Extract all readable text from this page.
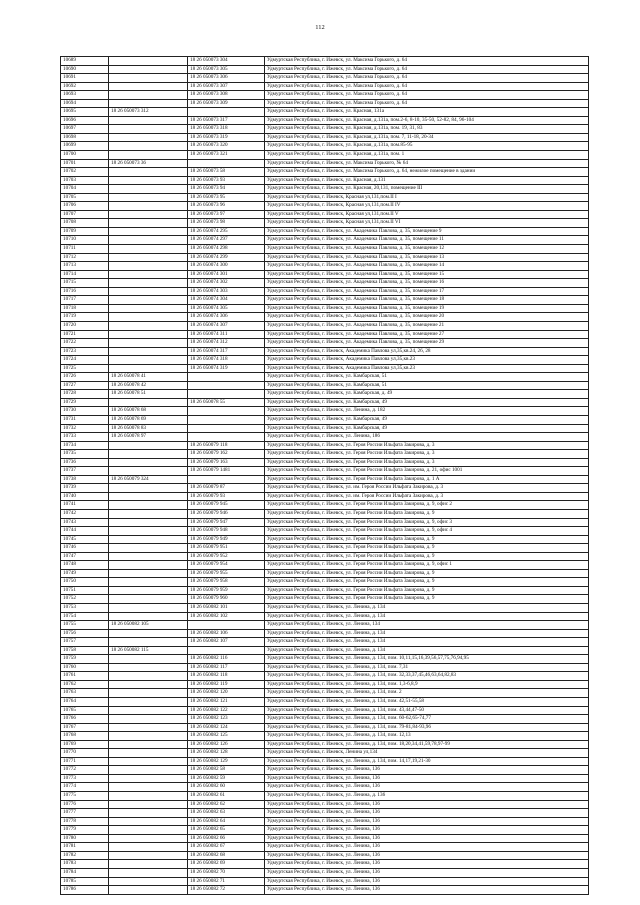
112
10689		18 26 050073 304	Удмуртская Республика, г. Ижевск, ул. Максима Горького, д. 64
10690		18 26 050073 305	Удмуртская Республика, г. Ижевск, ул. Максима Горького, д. 64
10691		18 26 050073 306	Удмуртская Республика, г. Ижевск, ул. Максима Горького, д. 64
10692		18 26 050073 307	Удмуртская Республика, г. Ижевск, ул. Максима Горького, д. 64
10693		18 26 050073 308	Удмуртская Республика, г. Ижевск, ул. Максима Горького, д. 64
10694		18 26 050073 309	Удмуртская Республика, г. Ижевск, ул. Максима Горького, д. 64
10695	18 26 050073 312		Удмуртская Республика, г. Ижевск, ул. Красная, 131а
10696		18 26 050073 317	Удмуртская Республика, г. Ижевск, ул. Красная, д.131а, пом.2-6, 8-10, 35-50, 52-82, 84, 96-104
10697		18 26 050073 318	Удмуртская Республика, г. Ижевск, ул. Красная, д.131а, пом. 19, 31, 83
10698		18 26 050073 319	Удмуртская Республика, г. Ижевск, ул. Красная, д.131а, пом. 7, 11-18, 20-34
10699		18 26 050073 320	Удмуртская Республика, г. Ижевск, ул. Красная, д.131а, пом.85-95
10700		18 26 050073 321	Удмуртская Республика, г. Ижевск, ул. Красная, д.131а, пом. 1
10701	18 26 050073 36		Удмуртская Республика, г. Ижевск, ул. Максима Горького, № 64
10702		18 26 050073 58	Удмуртская Республика, г. Ижевск, ул. Максима Горького, д. 64, нежилое помещение в здании
10703		18 26 050073 93	Удмуртская Республика, г. Ижевск, ул. Красная, д.131
10704		18 26 050073 94	Удмуртская Республика, г. Ижевск, ул. Красная, 20,131, помещение III
10705		18 26 050073 95	Удмуртская Республика, г. Ижевск, Красная ул,131,пом.II I
10706		18 26 050073 96	Удмуртская Республика, г. Ижевск, Красная ул,131,пом.II IV
10707		18 26 050073 97	Удмуртская Республика, г. Ижевск, Красная ул,131,пом.II V
10708		18 26 050073 98	Удмуртская Республика, г. Ижевск, Красная ул,131,пом.II VI
10709		18 26 050074 295	Удмуртская Республика, г. Ижевск, ул. Академика Павлова, д. 35, помещение 9
10710		18 26 050074 297	Удмуртская Республика, г. Ижевск, ул. Академика Павлова, д. 35, помещение 11
10711		18 26 050074 298	Удмуртская Республика, г. Ижевск, ул. Академика Павлова, д. 35, помещение 12
10712		18 26 050074 299	Удмуртская Республика, г. Ижевск, ул. Академика Павлова, д. 35, помещение 13
10713		18 26 050074 300	Удмуртская Республика, г. Ижевск, ул. Академика Павлова, д. 35, помещение 14
10714		18 26 050074 301	Удмуртская Республика, г. Ижевск, ул. Академика Павлова, д. 35, помещение 15
10715		18 26 050074 302	Удмуртская Республика, г. Ижевск, ул. Академика Павлова, д. 35, помещение 16
10716		18 26 050074 303	Удмуртская Республика, г. Ижевск, ул. Академика Павлова, д. 35, помещение 17
10717		18 26 050074 304	Удмуртская Республика, г. Ижевск, ул. Академика Павлова, д. 35, помещение 18
10718		18 26 050074 305	Удмуртская Республика, г. Ижевск, ул. Академика Павлова, д. 35, помещение 19
10719		18 26 050074 306	Удмуртская Республика, г. Ижевск, ул. Академика Павлова, д. 35, помещение 20
10720		18 26 050074 307	Удмуртская Республика, г. Ижевск, ул. Академика Павлова, д. 35, помещение 21
10721		18 26 050074 311	Удмуртская Республика, г. Ижевск, ул. Академика Павлова, д. 35, помещение 27
10722		18 26 050074 312	Удмуртская Республика, г. Ижевск, ул. Академика Павлова, д. 35, помещение 29
10723		18 26 050074 317	Удмуртская Республика, г. Ижевск, Академика Павлова ул,35,кв.24, 26, 28
10724		18 26 050074 318	Удмуртская Республика, г. Ижевск, Академика Павлова ул,35,кв.23
10725		18 26 050074 319	Удмуртская Республика, г. Ижевск, Академика Павлова ул,35,кв.23
10726	18 26 050078 41		Удмуртская Республика, г. Ижевск, ул. Камбарская, 51
10727	18 26 050078 42		Удмуртская Республика, г. Ижевск, ул. Камбарская, 51
10728	18 26 050078 51		Удмуртская Республика, г. Ижевск, ул. Камбарская, д. 49
10729		18 26 050078 55	Удмуртская Республика, г. Ижевск, ул. Камбарская, 49
10730	18 26 050078 68		Удмуртская Республика, г. Ижевск, ул. Ленина, д. 182
10731	18 26 050078 69		Удмуртская Республика, г. Ижевск, ул. Камбарская, 49
10732	18 26 050078 83		Удмуртская Республика, г. Ижевск, ул. Камбарская, 49
10733	18 26 050078 97		Удмуртская Республика, г. Ижевск, ул. Ленина, 186
10734		18 26 050079 118	Удмуртская Республика, г. Ижевск, ул. Героя России Ильфата Закирова, д. 3
10735		18 26 050079 162	Удмуртская Республика, г. Ижевск, ул. Героя России Ильфата Закирова, д. 3
10736		18 26 050079 163	Удмуртская Республика, г. Ижевск, ул. Героя России Ильфата Закирова, д. 3
10737		18 26 050079 1481	Удмуртская Республика, г. Ижевск, ул. Героя России Ильфата Закирова, д. 21, офис 1001
10738	18 26 050079 324		Удмуртская Республика, г. Ижевск, ул. Героя России Ильфата Закирова, д. 1 А
10739		18 26 050079 87	Удмуртская Республика, г. Ижевск, ул. им. Героя России Ильфата Закирова, д. 3
10740		18 26 050079 93	Удмуртская Республика, г. Ижевск, ул. им. Героя России Ильфата Закирова, д. 3
10741		18 26 050079 945	Удмуртская Республика, г. Ижевск, ул. Героя России Ильфата Закирова, д. 9, офис 2
10742		18 26 050079 946	Удмуртская Республика, г. Ижевск, ул. Героя России Ильфата Закирова, д. 9
10743		18 26 050079 947	Удмуртская Республика, г. Ижевск, ул. Героя России Ильфата Закирова, д. 9, офис 3
10744		18 26 050079 948	Удмуртская Республика, г. Ижевск, ул. Героя России Ильфата Закирова, д. 9, офис 4
10745		18 26 050079 949	Удмуртская Республика, г. Ижевск, ул. Героя России Ильфата Закирова, д. 9
10746		18 26 050079 951	Удмуртская Республика, г. Ижевск, ул. Героя России Ильфата Закирова, д. 9
10747		18 26 050079 952	Удмуртская Республика, г. Ижевск, ул. Героя России Ильфата Закирова, д. 9
10748		18 26 050079 954	Удмуртская Республика, г. Ижевск, ул. Героя России Ильфата Закирова, д. 9, офис 1
10749		18 26 050079 955	Удмуртская Республика, г. Ижевск, ул. Героя России Ильфата Закирова, д. 9
10750		18 26 050079 958	Удмуртская Республика, г. Ижевск, ул. Героя России Ильфата Закирова, д. 9
10751		18 26 050079 959	Удмуртская Республика, г. Ижевск, ул. Героя России Ильфата Закирова, д. 9
10752		18 26 050079 960	Удмуртская Республика, г. Ижевск, ул. Героя России Ильфата Закирова, д. 9
10753		18 26 050082 101	Удмуртская Республика, г. Ижевск, ул. Ленина, д. 134
10754		18 26 050082 102	Удмуртская Республика, г. Ижевск, ул. Ленина, д. 134
10755	18 26 050082 105		Удмуртская Республика, г. Ижевск, ул. Ленина, 134
10756		18 26 050082 106	Удмуртская Республика, г. Ижевск, ул. Ленина, д. 134
10757		18 26 050082 107	Удмуртская Республика, г. Ижевск, ул. Ленина, д. 134
10758	18 26 050082 115		Удмуртская Республика, г. Ижевск, ул. Ленина, д. 134
10759		18 26 050082 116	Удмуртская Республика, г. Ижевск, ул. Ленина, д. 134, пом. 10,11,15,16,39,56,57,75,76,94,95
10760		18 26 050082 117	Удмуртская Республика, г. Ижевск, ул. Ленина, д. 134, пом. 7,31
10761		18 26 050082 118	Удмуртская Республика, г. Ижевск, ул. Ленина, д. 134, пом. 32,33,37,45,46,63,64,82,83
10762		18 26 050082 119	Удмуртская Республика, г. Ижевск, ул. Ленина, д. 134, пом. 1,3-6,8,9
10763		18 26 050082 120	Удмуртская Республика, г. Ижевск, ул. Ленина, д. 134, пом. 2
10764		18 26 050082 121	Удмуртская Республика, г. Ижевск, ул. Ленина, д. 134, пом. 42,51-55,58
10765		18 26 050082 122	Удмуртская Республика, г. Ижевск, ул. Ленина, д. 134, пом. 43,44,47-50
10766		18 26 050082 123	Удмуртская Республика, г. Ижевск, ул. Ленина, д. 134, пом. 60-62,65-74,77
10767		18 26 050082 124	Удмуртская Республика, г. Ижевск, ул. Ленина, д. 134, пом. 79-81,84-93,96
10768		18 26 050082 125	Удмуртская Республика, г. Ижевск, ул. Ленина, д. 134, пом. 12,13
10769		18 26 050082 126	Удмуртская Республика, г. Ижевск, ул. Ленина, д. 134, пом. 18,20,34,41,59,78,97-99
10770		18 26 050082 128	Удмуртская Республика, г. Ижевск, Ленина ул,134
10771		18 26 050082 129	Удмуртская Республика, г. Ижевск, ул. Ленина, д. 134, пом. 14,17,19,21-30
10772		18 26 050082 58	Удмуртская Республика, г. Ижевск, ул. Ленина, 136
10773		18 26 050082 59	Удмуртская Республика, г. Ижевск, ул. Ленина, 136
10774		18 26 050082 60	Удмуртская Республика, г. Ижевск, ул. Ленина, 136
10775		18 26 050082 61	Удмуртская Республика, г. Ижевск, ул. Ленина, д. 136
10776		18 26 050082 62	Удмуртская Республика, г. Ижевск, ул. Ленина, 136
10777		18 26 050082 63	Удмуртская Республика, г. Ижевск, ул. Ленина, 136
10778		18 26 050082 64	Удмуртская Республика, г. Ижевск, ул. Ленина, 136
10779		18 26 050082 65	Удмуртская Республика, г. Ижевск, ул. Ленина, 136
10780		18 26 050082 66	Удмуртская Республика, г. Ижевск, ул. Ленина, 136
10781		18 26 050082 67	Удмуртская Республика, г. Ижевск, ул. Ленина, 136
10782		18 26 050082 68	Удмуртская Республика, г. Ижевск, ул. Ленина, 136
10783		18 26 050082 69	Удмуртская Республика, г. Ижевск, ул. Ленина, 136
10784		18 26 050082 70	Удмуртская Республика, г. Ижевск, ул. Ленина, 136
10785		18 26 050082 71	Удмуртская Республика, г. Ижевск, ул. Ленина, 136
10786		18 26 050082 72	Удмуртская Республика, г. Ижевск, ул. Ленина, 136
